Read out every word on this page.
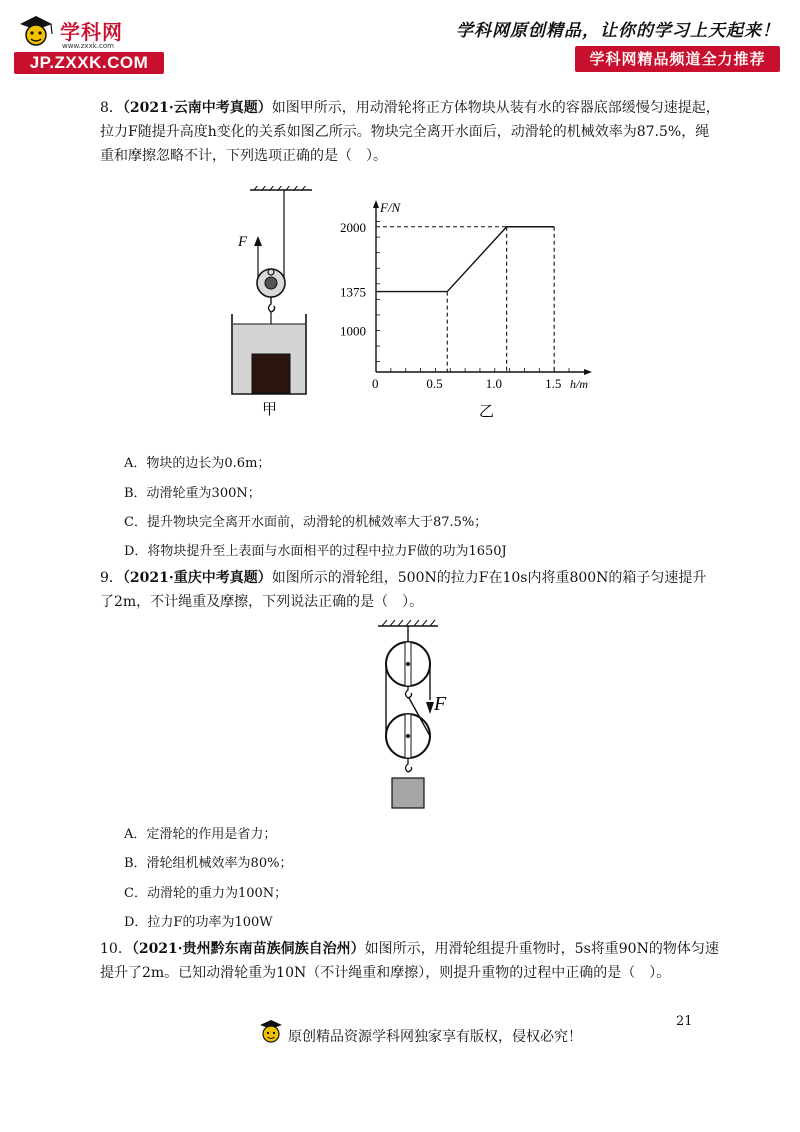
学科网
www.zxxk.com
JP.ZXXK.COM
学科网原创精品，让你的学习上天起来！
学科网精品频道全力推荐

8．（2021·云南中考真题）如图甲所示，用动滑轮将正方体物块从装有水的容器底部缓慢匀速提起，拉力F随提升高度h变化的关系如图乙所示。物块完全离开水面后，动滑轮的机械效率为87.5%，绳重和摩擦忽略不计，下列选项正确的是（　）。

F
甲
0	0.5	1.0	1.5
1000
1375
2000
F/N
h/m
乙

A．物块的边长为0.6m；

B．动滑轮重为300N；

C．提升物块完全离开水面前，动滑轮的机械效率大于87.5%；

D．将物块提升至上表面与水面相平的过程中拉力F做的功为1650J

9．（2021·重庆中考真题）如图所示的滑轮组，500N的拉力F在10s内将重800N的箱子匀速提升了2m，不计绳重及摩擦，下列说法正确的是（　）。

F

A．定滑轮的作用是省力；

B．滑轮组机械效率为80%；

C．动滑轮的重力为100N；

D．拉力F的功率为100W

10．（2021·贵州黔东南苗族侗族自治州）如图所示，用滑轮组提升重物时，5s将重90N的物体匀速提升了2m。已知动滑轮重为10N（不计绳重和摩擦），则提升重物的过程中正确的是（　）。

21
原创精品资源学科网独家享有版权，侵权必究！
